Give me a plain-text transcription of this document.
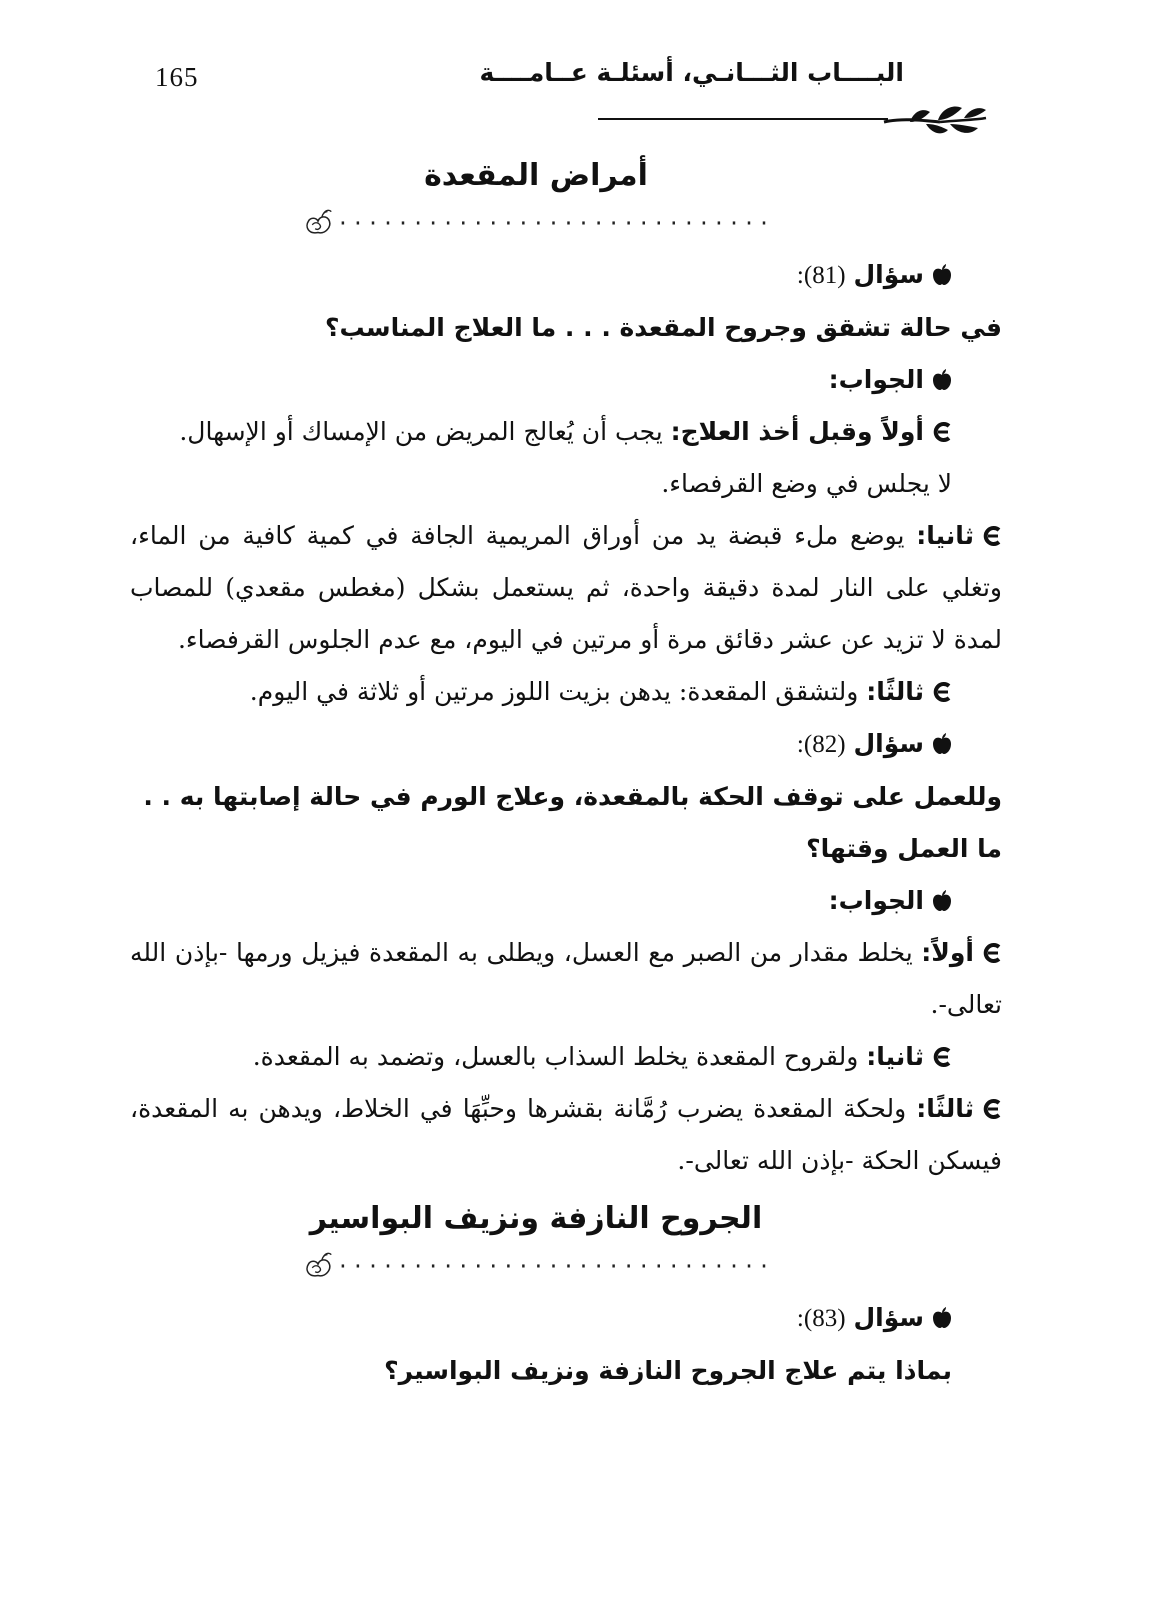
165	البــــاب الثـــانـي، أسئلـة عــامــــة
أمراض المقعدة
·····························

سؤال (81):

في حالة تشقق وجروح المقعدة . . . ما العلاج المناسب؟

الجواب:

أولاً وقبل أخذ العلاج: يجب أن يُعالج المريض من الإمساك أو الإسهال.

لا يجلس في وضع القرفصاء.

ثانيا: يوضع ملء قبضة يد من أوراق المريمية الجافة في كمية كافية من الماء، وتغلي على النار لمدة دقيقة واحدة، ثم يستعمل بشكل (مغطس مقعدي) للمصاب لمدة لا تزيد عن عشر دقائق مرة أو مرتين في اليوم، مع عدم الجلوس القرفصاء.

ثالثًا: ولتشقق المقعدة: يدهن بزيت اللوز مرتين أو ثلاثة في اليوم.

سؤال (82):

وللعمل على توقف الحكة بالمقعدة، وعلاج الورم في حالة إصابتها به . . ما العمل وقتها؟

الجواب:

أولاً: يخلط مقدار من الصبر مع العسل، ويطلى به المقعدة فيزيل ورمها -بإذن الله تعالى-.

ثانيا: ولقروح المقعدة يخلط السذاب بالعسل، وتضمد به المقعدة.

ثالثًا: ولحكة المقعدة يضرب رُمَّانة بقشرها وحبِّهَا في الخلاط، ويدهن به المقعدة، فيسكن الحكة -بإذن الله تعالى-.

الجروح النازفة ونزيف البواسير
·····························

سؤال (83):

بماذا يتم علاج الجروح النازفة ونزيف البواسير؟
